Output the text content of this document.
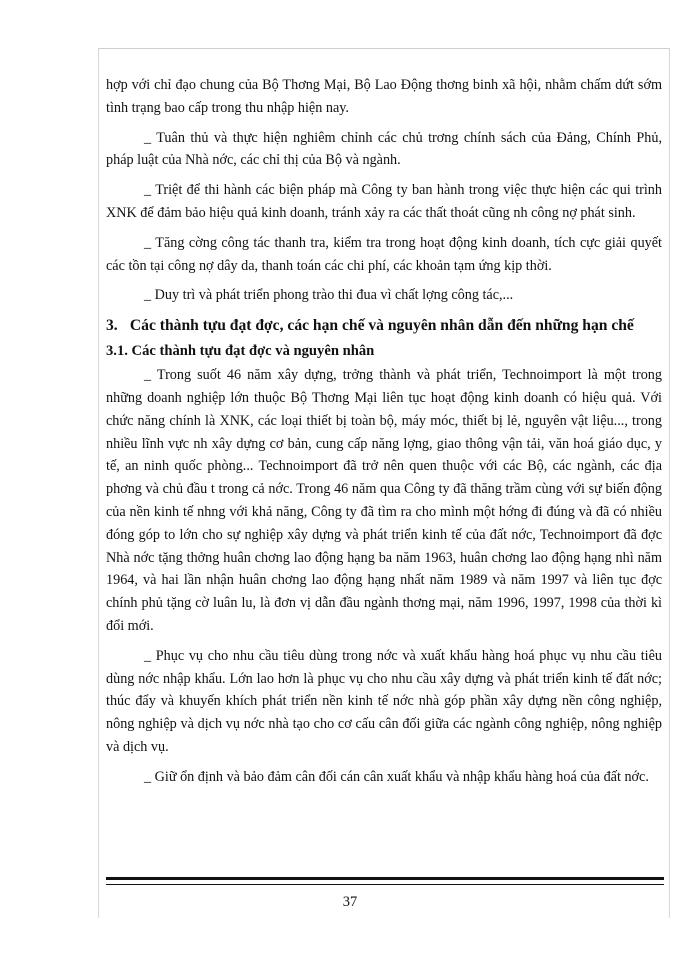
hợp với chỉ đạo chung của Bộ Thơng Mại, Bộ Lao Động thơng binh xã hội, nhằm chấm dứt sớm tình trạng bao cấp trong thu nhập hiện nay.

_ Tuân thủ và thực hiện nghiêm chỉnh các chủ trơng chính sách của Đảng, Chính Phủ, pháp luật của Nhà nớc, các chỉ thị của Bộ và ngành.

_ Triệt để thi hành các biện pháp mà Công ty ban hành trong việc thực hiện các qui trình XNK để đảm bảo hiệu quả kinh doanh, tránh xảy ra các thất thoát cũng nh công nợ phát sinh.

_ Tăng cờng công tác thanh tra, kiểm tra trong hoạt động kinh doanh, tích cực giải quyết các tồn tại công nợ dây da, thanh toán các chi phí, các khoản tạm ứng kịp thời.

_ Duy trì và phát triển phong trào thi đua vì chất lợng công tác,...

3. Các thành tựu đạt đợc, các hạn chế và nguyên nhân dẫn đến những hạn chế
3.1. Các thành tựu đạt đợc và nguyên nhân

_ Trong suốt 46 năm xây dựng, trởng thành và phát triển, Technoimport là một trong những doanh nghiệp lớn thuộc Bộ Thơng Mại liên tục hoạt động kinh doanh có hiệu quả. Với chức năng chính là XNK, các loại thiết bị toàn bộ, máy móc, thiết bị lẻ, nguyên vật liệu..., trong nhiều lĩnh vực nh xây dựng cơ bản, cung cấp năng lợng, giao thông vận tải, văn hoá giáo dục, y tế, an ninh quốc phòng... Technoimport đã trở nên quen thuộc với các Bộ, các ngành, các địa phơng và chủ đầu t trong cả nớc. Trong 46 năm qua Công ty đã thăng trầm cùng với sự biến động của nền kinh tế nhng với khả năng, Công ty đã tìm ra cho mình một hớng đi đúng và đã có nhiều đóng góp to lớn cho sự nghiệp xây dựng và phát triển kinh tế của đất nớc, Technoimport đã đợc Nhà nớc tặng thởng huân chơng lao động hạng ba năm 1963, huân chơng lao động hạng nhì năm 1964, và hai lần nhận huân chơng lao động hạng nhất năm 1989 và năm 1997 và liên tục đợc chính phủ tặng cờ luân lu, là đơn vị dẫn đầu ngành thơng mại, năm 1996, 1997, 1998 của thời kì đổi mới.

_ Phục vụ cho nhu cầu tiêu dùng trong nớc và xuất khẩu hàng hoá phục vụ nhu cầu tiêu dùng nớc nhập khẩu. Lớn lao hơn là phục vụ cho nhu cầu xây dựng và phát triển kinh tế đất nớc; thúc đẩy và khuyến khích phát triển nền kinh tế nớc nhà góp phần xây dựng nền công nghiệp, nông nghiệp và dịch vụ nớc nhà tạo cho cơ cấu cân đối giữa các ngành công nghiệp, nông nghiệp và dịch vụ.

_ Giữ ổn định và bảo đảm cân đối cán cân xuất khẩu và nhập khẩu hàng hoá của đất nớc.

37
